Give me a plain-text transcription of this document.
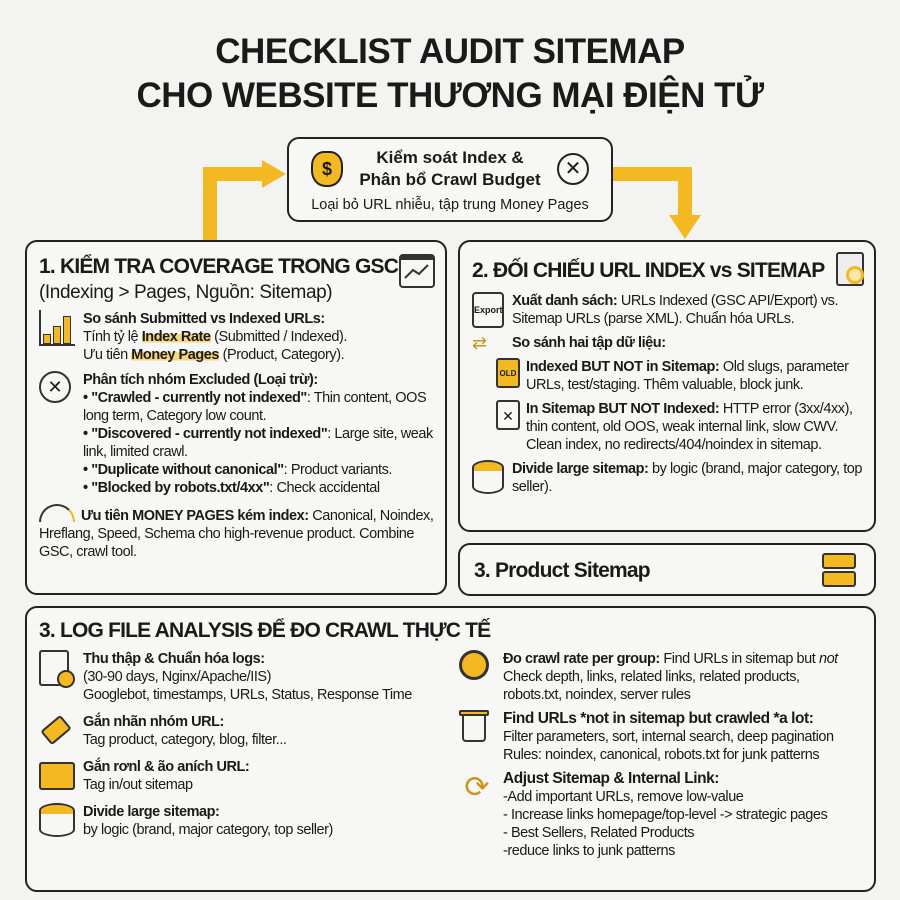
CHECKLIST AUDIT SITEMAP
CHO WEBSITE THƯƠNG MẠI ĐIỆN TỬ
$	✕
Kiểm soát Index &
Phân bổ Crawl Budget
Loại bỏ URL nhiễu, tập trung Money Pages
1. KIỂM TRA COVERAGE TRONG GSC
(Indexing > Pages, Nguồn: Sitemap)
So sánh Submitted vs Indexed URLs:
Tính tỷ lệ Index Rate (Submitted / Indexed).
Ưu tiên Money Pages (Product, Category).
✕	Phân tích nhóm Excluded (Loại trừ):
• "Crawled - currently not indexed": Thin content, OOS long term, Category low count.
• "Discovered - currently not indexed": Large site, weak link, limited crawl.
• "Duplicate without canonical": Product variants.
• "Blocked by robots.txt/4xx": Check accidental
Ưu tiên MONEY PAGES kém index: Canonical, Noindex, Hreflang, Speed, Schema cho high-revenue product. Combine GSC, crawl tool.
2. ĐỐI CHIẾU URL INDEX vs SITEMAP
Export
Xuất danh sách: URLs Indexed (GSC API/Export) vs. Sitemap URLs (parse XML). Chuẩn hóa URLs.
⇄	So sánh hai tập dữ liệu:
OLD Indexed BUT NOT in Sitemap: Old slugs, parameter URLs, test/staging. Thêm valuable, block junk.
✕ In Sitemap BUT NOT Indexed: HTTP error (3xx/4xx), thin content, old OOS, weak internal link, slow CWV. Clean index, no redirects/404/noindex in sitemap.
Divide large sitemap: by logic (brand, major category, top seller).
3. Product Sitemap
3. LOG FILE ANALYSIS ĐỂ ĐO CRAWL THỰC TẾ
Thu thập & Chuẩn hóa logs:
(30-90 days, Nginx/Apache/IIS)
Googlebot, timestamps, URLs, Status, Response Time
Gắn nhãn nhóm URL:
Tag product, category, blog, filter...
Gắn rơnl & ão aních URL:
Tag in/out sitemap
Divide large sitemap:
by logic (brand, major category, top seller)
Đo crawl rate per group: Find URLs in sitemap but not
Check depth, links, related links, related products,
robots.txt, noindex, server rules
Find URLs *not in sitemap but crawled *a lot:
Filter parameters, sort, internal search, deep pagination
Rules: noindex, canonical, robots.txt for junk patterns
⟳ Adjust Sitemap & Internal Link:
-Add important URLs, remove low-value
- Increase links homepage/top-level -> strategic pages
- Best Sellers, Related Products
-reduce links to junk patterns
